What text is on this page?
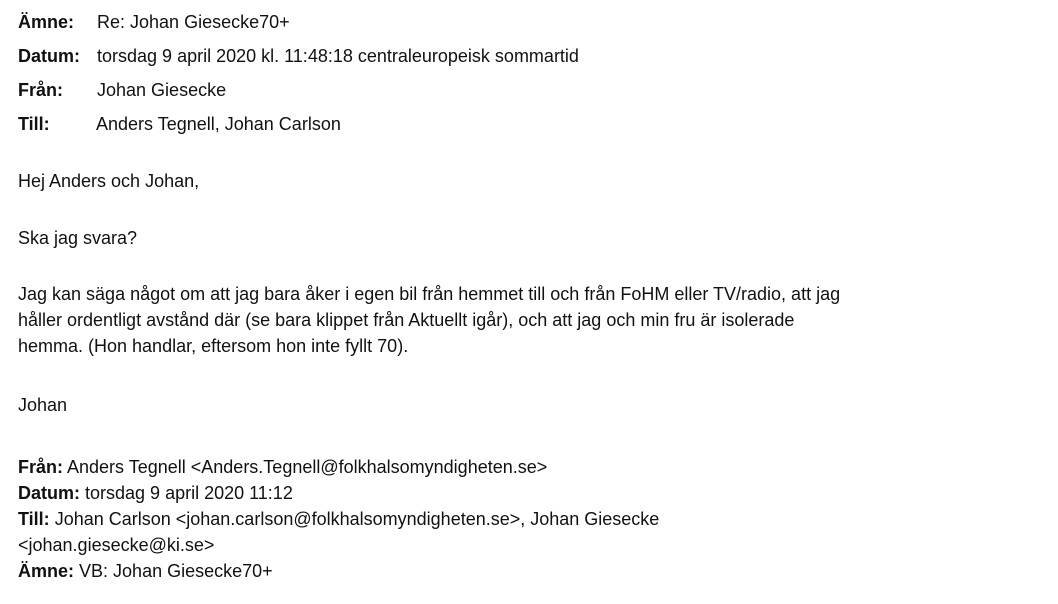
Ämne: Re: Johan Giesecke70+
Datum: torsdag 9 april 2020 kl. 11:48:18 centraleuropeisk sommartid
Från: Johan Giesecke
Till:	Anders Tegnell, Johan Carlson
Hej Anders och Johan,
Ska jag svara?
Jag kan säga något om att jag bara åker i egen bil från hemmet till och från FoHM eller TV/radio, att jag
håller ordentligt avstånd där (se bara klippet från Aktuellt igår), och att jag och min fru är isolerade
hemma. (Hon handlar, eftersom hon inte fyllt 70).
Johan
Från: Anders Tegnell <Anders.Tegnell@folkhalsomyndigheten.se>
Datum: torsdag 9 april 2020 11:12
Till: Johan Carlson <johan.carlson@folkhalsomyndigheten.se>, Johan Giesecke
<johan.giesecke@ki.se>
Ämne: VB: Johan Giesecke70+
